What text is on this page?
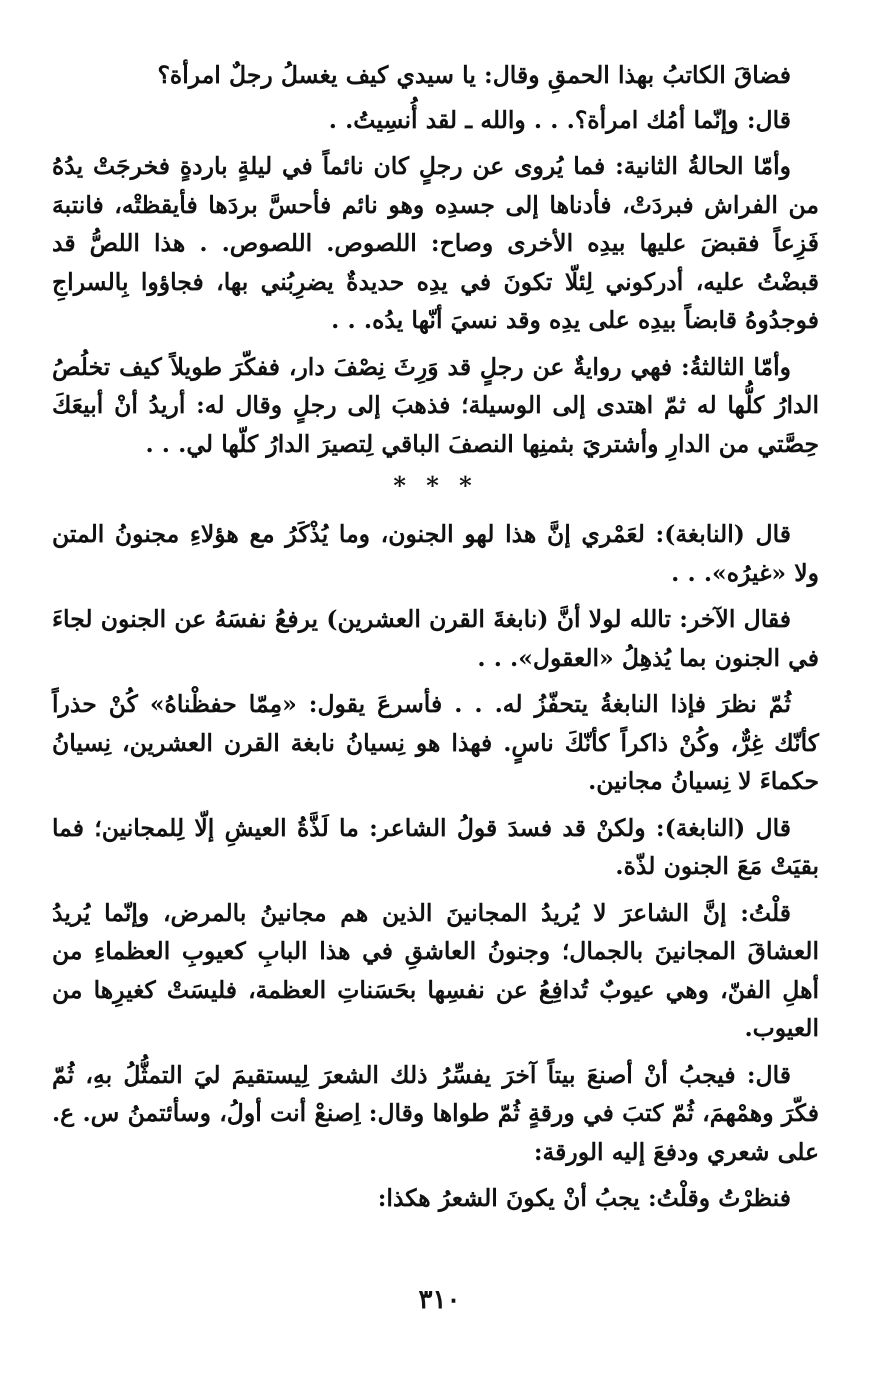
فضاقَ الكاتبُ بهذا الحمقِ وقال: يا سيدي كيف يغسلُ رجلٌ امرأة؟

قال: وإنّما أمُك امرأة؟. . . والله ـ لقد أُنسِيتُ. .

وأمّا الحالةُ الثانية: فما يُروى عن رجلٍ كان نائماً في ليلةٍ باردةٍ فخرجَتْ يدُهُ من الفراش فبردَتْ، فأدناها إلى جسدِه وهو نائم فأحسَّ بردَها فأيقظتْه، فانتبهَ فَزِعاً فقبضَ عليها بيدِه الأخرى وصاح: اللصوص. اللصوص. . هذا اللصُّ قد قبضْتُ عليه، أدركوني لِئلّا تكونَ في يدِه حديدةٌ يضرِبُني بها، فجاؤوا بِالسراجِ فوجدُوهُ قابضاً بيدِه على يدِه وقد نسيَ أنّها يدُه. . .

وأمّا الثالثةُ: فهي روايةٌ عن رجلٍ قد وَرِثَ نِصْفَ دار، ففكّرَ طويلاً كيف تخلُصُ الدارُ كلُّها له ثمّ اهتدى إلى الوسيلة؛ فذهبَ إلى رجلٍ وقال له: أريدُ أنْ أبيعَكَ حِصَّتي من الدارِ وأشتريَ بثمنِها النصفَ الباقي لِتصيرَ الدارُ كلّها لي. . .

* * *

قال (النابغة): لعَمْري إنَّ هذا لهو الجنون، وما يُذْكَرُ مع هؤلاءِ مجنونُ المتن ولا «غيرُه». . .

فقال الآخر: تالله لولا أنَّ (نابغةَ القرن العشرين) يرفعُ نفسَهُ عن الجنون لجاءَ في الجنون بما يُذهِلُ «العقول». . .

ثُمّ نظرَ فإذا النابغةُ يتحفّزُ له. . . فأسرعَ يقول: «مِمّا حفظْناهُ» كُنْ حذراً كأنّك غِرٌّ، وكُنْ ذاكراً كأنّكَ ناسٍ. فهذا هو نِسيانُ نابغة القرن العشرين، نِسيانُ حكماءَ لا نِسيانُ مجانين.

قال (النابغة): ولكنْ قد فسدَ قولُ الشاعر: ما لَذَّةُ العيشِ إلّا لِلمجانين؛ فما بقيَتْ مَعَ الجنون لذّة.

قلْتُ: إنَّ الشاعرَ لا يُريدُ المجانينَ الذين هم مجانينُ بالمرض، وإنّما يُريدُ العشاقَ المجانينَ بالجمال؛ وجنونُ العاشقِ في هذا البابِ كعيوبِ العظماءِ من أهلِ الفنّ، وهي عيوبٌ تُدافِعُ عن نفسِها بحَسَناتِ العظمة، فليسَتْ كغيرِها من العيوب.

قال: فيجبُ أنْ أصنعَ بيتاً آخرَ يفسِّرُ ذلك الشعرَ لِيستقيمَ ليَ التمثُّلُ بهِ، ثُمّ فكّرَ وهمْهمَ، ثُمّ كتبَ في ورقةٍ ثُمّ طواها وقال: اِصنعْ أنت أولُ، وسأئتمنُ س. ع. على شعري ودفعَ إليه الورقة:

فنظرْتُ وقلْتُ: يجبُ أنْ يكونَ الشعرُ هكذا:

٣١٠
